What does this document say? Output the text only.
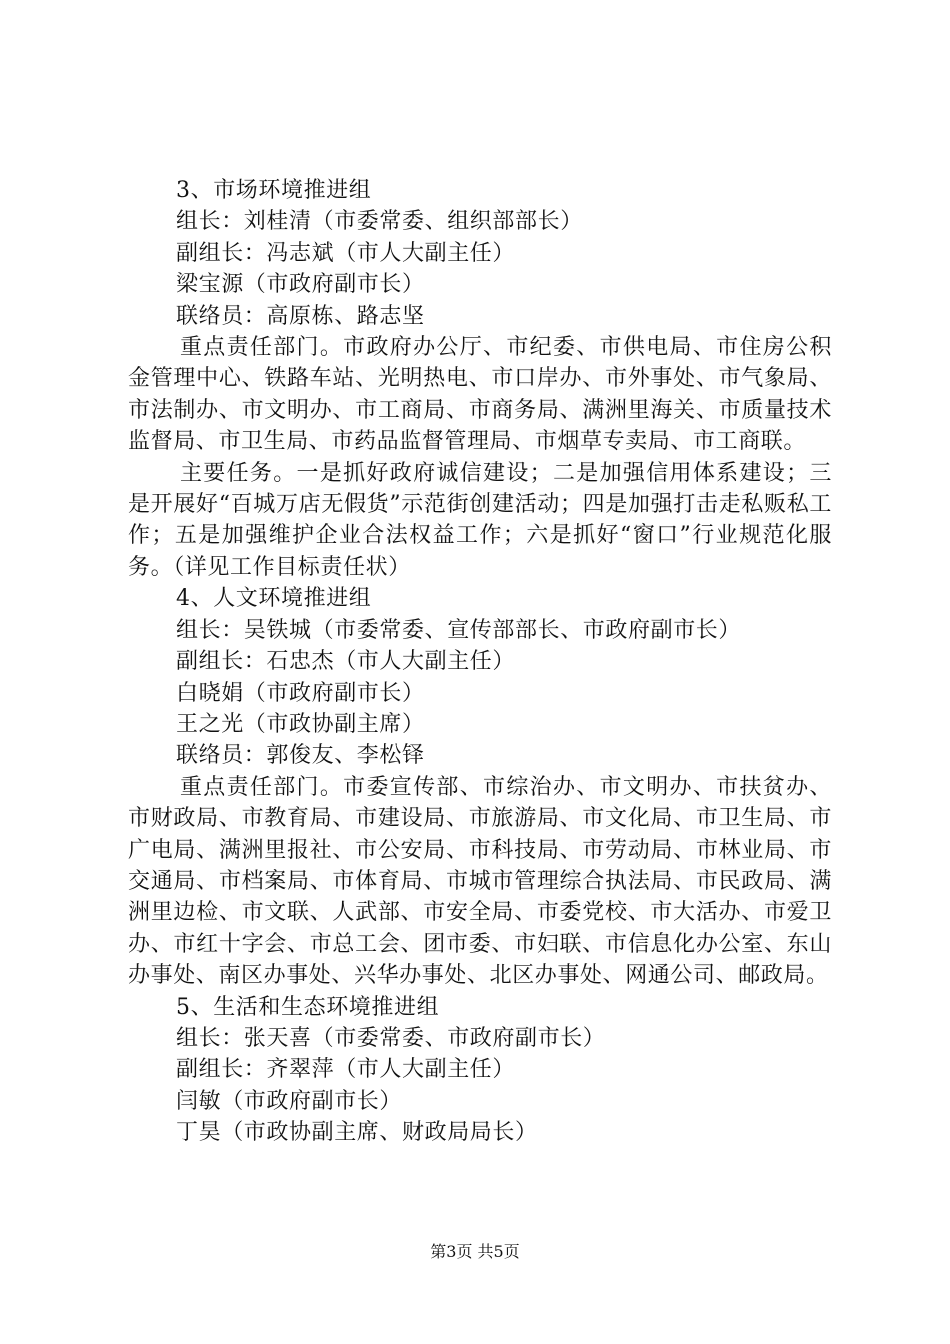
3、市场环境推进组

组长：刘桂清（市委常委、组织部部长）

副组长：冯志斌（市人大副主任）

梁宝源（市政府副市长）

联络员：高原栋、路志坚

重点责任部门。市政府办公厅、市纪委、市供电局、市住房公积金管理中心、铁路车站、光明热电、市口岸办、市外事处、市气象局、市法制办、市文明办、市工商局、市商务局、满洲里海关、市质量技术监督局、市卫生局、市药品监督管理局、市烟草专卖局、市工商联。

主要任务。一是抓好政府诚信建设；二是加强信用体系建设；三是开展好“百城万店无假货”示范街创建活动；四是加强打击走私贩私工作；五是加强维护企业合法权益工作；六是抓好“窗口”行业规范化服务。（详见工作目标责任状）

4、人文环境推进组

组长：吴铁城（市委常委、宣传部部长、市政府副市长）

副组长：石忠杰（市人大副主任）

白晓娟（市政府副市长）

王之光（市政协副主席）

联络员：郭俊友、李松铎

重点责任部门。市委宣传部、市综治办、市文明办、市扶贫办、市财政局、市教育局、市建设局、市旅游局、市文化局、市卫生局、市广电局、满洲里报社、市公安局、市科技局、市劳动局、市林业局、市交通局、市档案局、市体育局、市城市管理综合执法局、市民政局、满洲里边检、市文联、人武部、市安全局、市委党校、市大活办、市爱卫办、市红十字会、市总工会、团市委、市妇联、市信息化办公室、东山办事处、南区办事处、兴华办事处、北区办事处、网通公司、邮政局。

5、生活和生态环境推进组

组长：张天喜（市委常委、市政府副市长）

副组长：齐翠萍（市人大副主任）

闫敏（市政府副市长）

丁昊（市政协副主席、财政局局长）

第3页 共5页
